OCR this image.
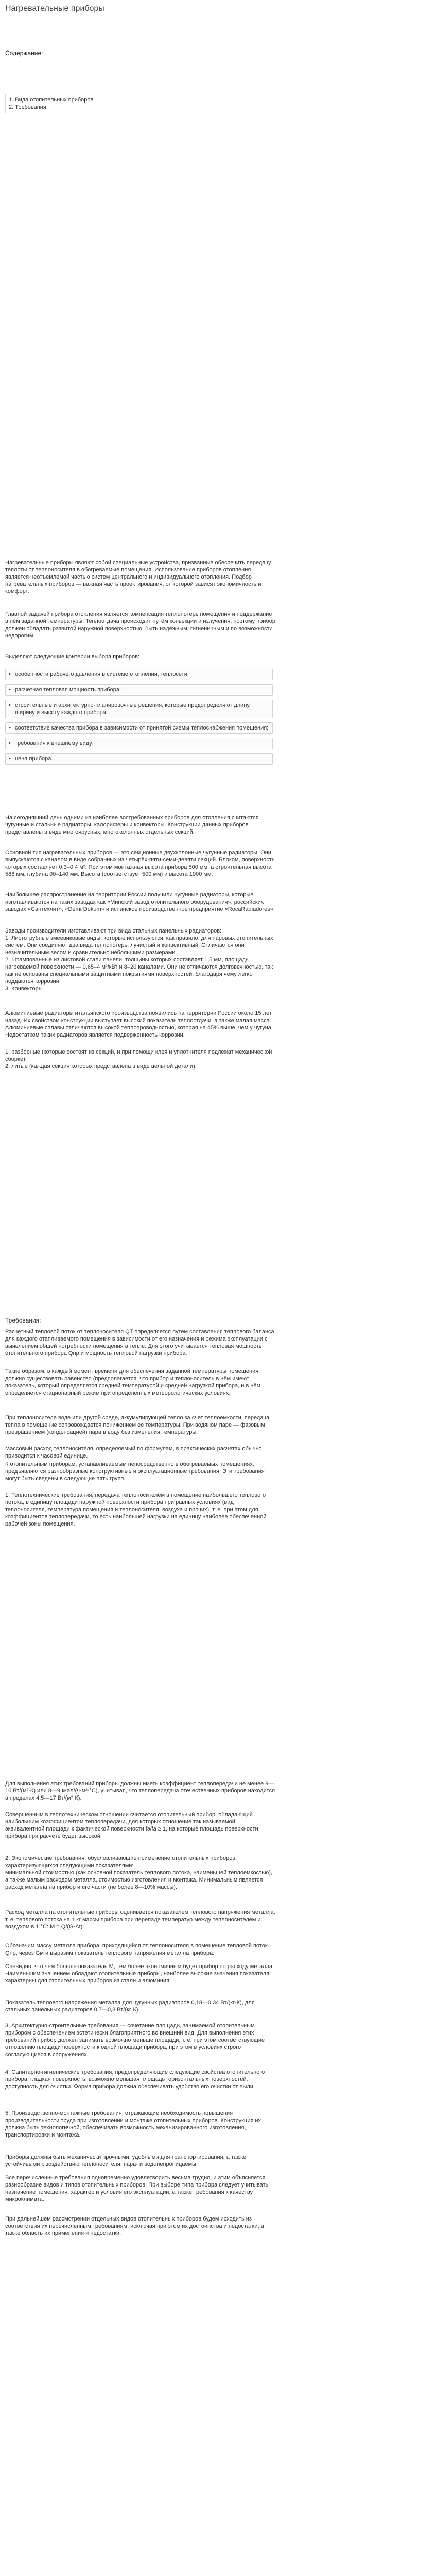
Нагревательные приборы
Содержание:
1. Вида отопительных приборов
2. Требования
Нагревательные приборы являют собой специальные устройства, призванные обеспечить передачу теплоты от теплоносителя в обогреваемые помещения. Использование приборов отопления является неотъемлемой частью систем центрального и индивидуального отопления. Подбор нагревательных приборов — важная часть проектирования, от которой зависят экономичность и комфорт.
Главной задачей прибора отопления является компенсация теплопотерь помещения и поддержание в нём заданной температуры. Теплоотдача происходит путём конвекции и излучения, поэтому прибор должен обладать развитой наружной поверхностью, быть надёжным, гигиеничным и по возможности недорогим.
Выделяют следующие критерии выбора приборов:
• особенности рабочего давления в системе отопления, теплосети;
• расчетная тепловая мощность прибора;
• строительные и архитектурно-планировочные решения, которые предопределяют длину, ширину и высоту каждого прибора;
• соответствие качества прибора в зависимости от принятой схемы теплоснабжения помещения;
• требования к внешнему виду;
• цена прибора.
На сегодняшний день одними из наиболее востребованных приборов для отопления считаются чугунные и стальные радиаторы, калориферы и конвекторы. Конструкции данных приборов представлены в виде многоярусных, многоколонных отдельных секций.
Основной тип нагревательных приборов — это секционные двухколонные чугунные радиаторы. Они выпускаются с каналом в виде собранных из четырёх-пяти-семи-девяти секций. Блоком, поверхность которых составляет 0,3–0,4 м². При этом монтажная высота прибора 500 мм, а строительная высота 588 мм, глубина 90–140 мм. Высота (соответствует 500 мм) и высота 1000 мм.
Наибольшее распространение на территории России получили чугунные радиаторы, которые изготавливаются на таких заводах как «Минский завод отопительного оборудования», российских заводах «Сантехлит», «DemirDokum» и испанское производственное предприятие «RocaRadiadores».
Заводы производители изготавливают три вида стальных панельных радиаторов:
1. Листотрубные змеевиковые виды, которые используются, как правило, для паровых отопительных систем. Они соединяют два вида теплопотерь: лучистый и конвективный. Отличаются они незначительным весом и сравнительно небольшими размерами.
2. Штампованные из листовой стали панели, толщины которых составляет 1,5 мм, площадь нагреваемой поверхности — 0,65–4 м²/кВт и 8–20 каналами. Они не отличаются долговечностью, так как не основаны специальными защитными покрытиями поверхностей, благодаря чему легко поддаются коррозии.
3. Конвекторы.
Алюминиевые радиаторы итальянского производства появились на территории России около 15 лет назад. Их свойством конструкции выступает высокий показатель теплоотдачи, а также малая масса. Алюминиевые сплавы отличаются высокой теплопроводностью, которая на 45% выше, чем у чугуна. Недостатком таких радиаторов является подверженность коррозии.
1. разборные (которые состоят из секций, и при помощи клея и уплотнителя подлежат механической сборке);
2. литые (каждая секция которых представлена в виде цельной детали).
Требования:
Расчетный тепловой поток от теплоносителя QT определяется путем составления теплового баланса для каждого отапливаемого помещения в зависимости от его назначения и режима эксплуатации с выявлением общей потребности помещения в тепле. Для этого учитывается тепловая мощность отопительного прибора Qnp и мощность тепловой нагрузки прибора.
Такие образом, в каждый момент времени для обеспечения заданной температуры помещения должно существовать равенство (предполагается, что прибор и теплоноситель в нём имеют показатель, который определяется средней температурой и средней нагрузкой прибора, и в нём определяется стационарный режим при определенных метеорологических условиях.
При теплоносителе воде или другой среде, аккумулирующей тепло за счет теплоемкости, передача тепла в помещение сопровождается понижением ее температуры. При водяном паре — фазовым превращением (конденсацией) пара в воду без изменения температуры.
Массовый расход теплоносителя, определяемый по формулам, в практических расчетах обычно приводится к часовой единице.
К отопительным приборам, устанавливаемым непосредственно в обогреваемых помещениях, предъявляются разнообразные конструктивные и эксплуатационные требования. Эти требования могут быть сведены в следующие пять групп.
1. Теплотехнические требования: передача теплоносителем в помещение наибольшего теплового потока, в единицу площади наружной поверхности прибора при равных условиях (вид теплоносителя, температура помещения и теплоносителя, воздуха и прочих), т. е. при этом для коэффициентов теплопередачи, то есть наибольшей нагрузки на единицу наиболее обеспеченной рабочей зоны помещения.
Для выполнения этих требований приборы должны иметь коэффициент теплопередачи не менее 9—10 Вт/(м²·К) или 8—9 ккал/(ч·м²·°С), учитывая, что теплопередача отечественных приборов находится в пределах 4,5—17 Вт/(м²·К).
Совершенным в теплотехническом отношении считается отопительный прибор, обладающий наибольшим коэффициентом теплопередачи, для которых отношение так называемой эквивалентной площади к фактической поверхности fэ/fa ≥ 1, на которые площадь поверхности прибора при расчёте будет высокой.
2. Экономические требования, обусловливающие применение отопительных приборов, характеризующихся следующими показателями:
минимальной стоимостью (как основной показатель теплового потока, наименьшей теплоемкостью), а также малым расходом металла, стоимостью изготовления и монтажа. Минимальным является расход металла на прибор и его части (не более 8—10% массы).
Расход металла на отопительные приборы оценивается показателем теплового напряжения металла, т. е. теплового потока на 1 кг массы прибора при перепаде температур между теплоносителем и воздухом в 1 °С: M = Q/(G·Δt).
Обозначим массу металла прибора, приходящийся от теплоносителя в помещение тепловой поток Qnp, через Gм и выразим показатель теплового напряжения металла прибора.
Очевидно, что чем больше показатель М, тем более экономичным будет прибор по расходу металла. Наименьшим значением обладают отопительные приборы, наиболее высокие значения показателя характерны для отопительных приборов из стали и алюминия.
Показатель теплового напряжения металла для чугунных радиаторов 0,18—0,34 Вт/(кг·К), для стальных панельных радиаторов 0,7—0,8 Вт/(кг·К).
3. Архитектурно-строительные требования — сочетание площади, занимаемой отопительным прибором с обеспечением эстетически благоприятного во внешний вид. Для выполнения этих требований прибор должен занимать возможно меньше площади, т. е. при этом соответствующие отношению площади поверхности к одной площади прибора, при этом в условиях строго согласующиеся в сооружениях.
4. Санитарно-гигиенические требования, предопределяющие следующие свойства отопительного прибора: гладкая поверхность, возможно меньшая площадь горизонтальных поверхностей, доступность для очистки. Форма прибора должна обеспечивать удобство его очистки от пыли.
5. Производственно-монтажные требования, отражающие необходимость повышения производительности труда при изготовлении и монтаже отопительных приборов. Конструкция их должна быть технологичной, обеспечивать возможность механизированного изготовления, транспортировки и монтажа.
Приборы должны быть механически прочными, удобными для транспортирования, а также устойчивыми к воздействию теплоносителя, пара- и водонепроницаемы.
Все перечисленные требования одновременно удовлетворить весьма трудно, и этим объясняется разнообразие видов и типов отопительных приборов. При выборе типа прибора следует учитывать назначение помещения, характер и условия его эксплуатации, а также требования к качеству микроклимата.
При дальнейшем рассмотрении отдельных видов отопительных приборов будем исходить из соответствия их перечисленным требованиям, исключая при этом их достоинства и недостатки, а также область их применения и недостатки.
